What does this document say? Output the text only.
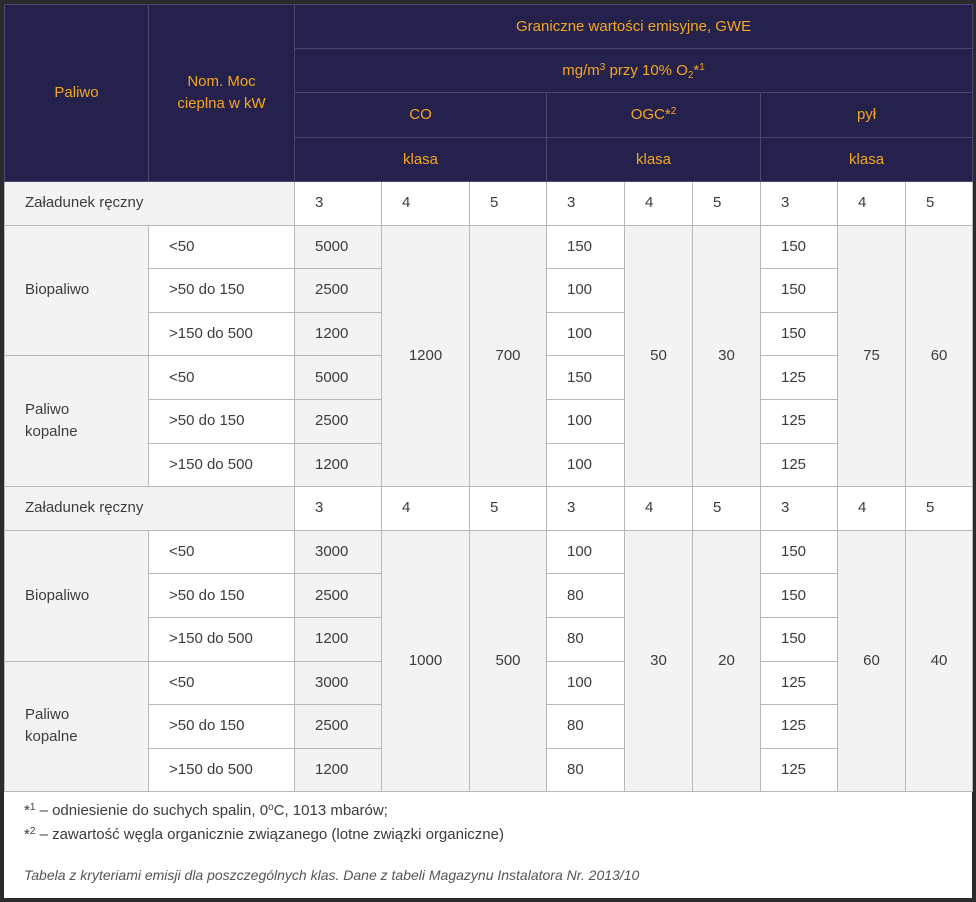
Paliwo	Nom. Moc cieplna w kW	Graniczne wartości emisyjne, GWE								
		$mg/m^3$ przy 10% $O_2*^1$
		CO			OGC*$^2$			pył		
		klasa			klasa			klasa		
Załadunek ręczny		3	4	5	3	4	5	3	4	5
Biopaliwo	<50	5000	1200	700	150	50	30	150	75	60
	>50 do 150	2500			100			150		
	>150 do 500	1200			100			150		
Paliwo kopalne	<50	5000			150			125		
	>50 do 150	2500			100			125		
	>150 do 500	1200			100			125		
Załadunek ręczny		3	4	5	3	4	5	3	4	5
Biopaliwo	<50	3000	1000	500	100	30	20	150	60	40
	>50 do 150	2500			80			150		
	>150 do 500	1200			80			150		
Paliwo kopalne	<50	3000			100			125		
	>50 do 150	2500			80			125		
	>150 do 500	1200			80			125		
*$^1$ – odniesienie do suchych spalin, 0$^o$C, 1013 mbarów;
*$^2$ – zawartość węgla organicznie związanego (lotne związki organiczne)
Tabela z kryteriami emisji dla poszczególnych klas. Dane z tabeli Magazynu Instalatora Nr. 2013/10
